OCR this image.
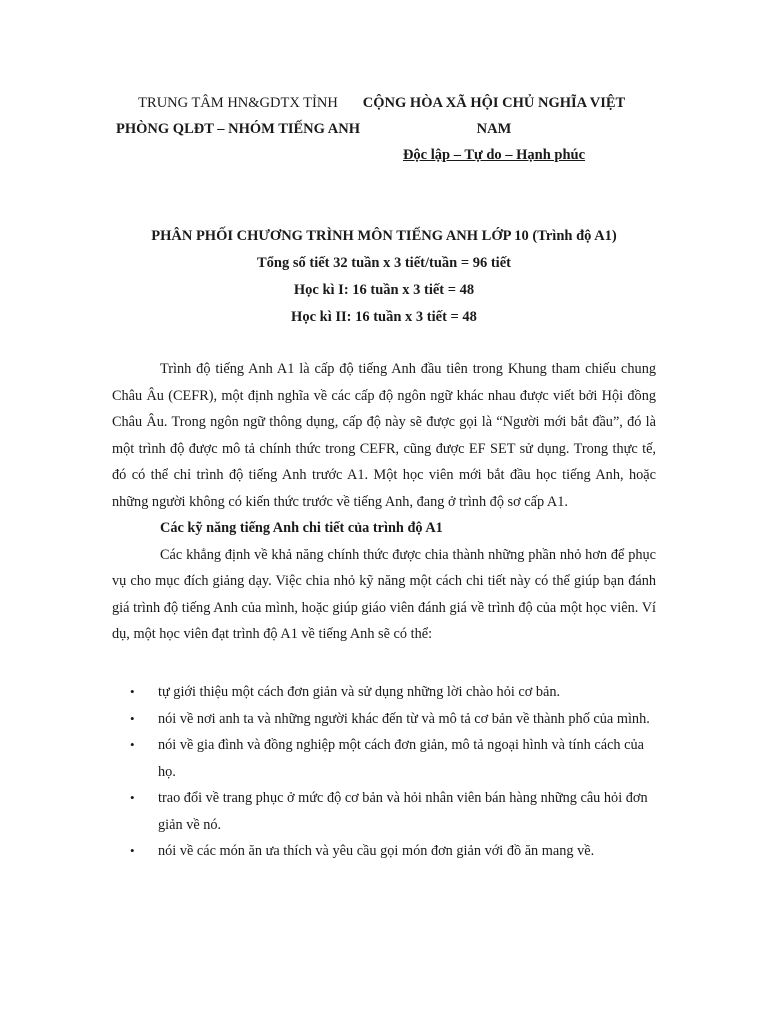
TRUNG TÂM HN&GDTX TỈNH
PHÒNG QLĐT – NHÓM TIẾNG ANH
CỘNG HÒA XÃ HỘI CHỦ NGHĨA VIỆT NAM
Độc lập – Tự do – Hạnh phúc
PHÂN PHỐI CHƯƠNG TRÌNH MÔN TIẾNG ANH LỚP 10 (Trình độ A1)
Tổng số tiết 32 tuần x 3 tiết/tuần = 96 tiết
Học kì I: 16 tuần x 3 tiết = 48
Học kì II: 16 tuần x 3 tiết = 48

Trình độ tiếng Anh A1 là cấp độ tiếng Anh đầu tiên trong Khung tham chiếu chung Châu Âu (CEFR), một định nghĩa về các cấp độ ngôn ngữ khác nhau được viết bởi Hội đồng Châu Âu. Trong ngôn ngữ thông dụng, cấp độ này sẽ được gọi là “Người mới bắt đầu”, đó là một trình độ được mô tả chính thức trong CEFR, cũng được EF SET sử dụng. Trong thực tế, đó có thể chỉ trình độ tiếng Anh trước A1. Một học viên mới bắt đầu học tiếng Anh, hoặc những người không có kiến thức trước về tiếng Anh, đang ở trình độ sơ cấp A1.

Các kỹ năng tiếng Anh chi tiết của trình độ A1

Các khẳng định về khả năng chính thức được chia thành những phần nhỏ hơn để phục vụ cho mục đích giảng dạy. Việc chia nhỏ kỹ năng một cách chi tiết này có thể giúp bạn đánh giá trình độ tiếng Anh của mình, hoặc giúp giáo viên đánh giá về trình độ của một học viên. Ví dụ, một học viên đạt trình độ A1 về tiếng Anh sẽ có thể:

• tự giới thiệu một cách đơn giản và sử dụng những lời chào hỏi cơ bản.
• nói về nơi anh ta và những người khác đến từ và mô tả cơ bản về thành phố của mình.
• nói về gia đình và đồng nghiệp một cách đơn giản, mô tả ngoại hình và tính cách của họ.
• trao đổi về trang phục ở mức độ cơ bản và hỏi nhân viên bán hàng những câu hỏi đơn giản về nó.
• nói về các món ăn ưa thích và yêu cầu gọi món đơn giản với đồ ăn mang về.
